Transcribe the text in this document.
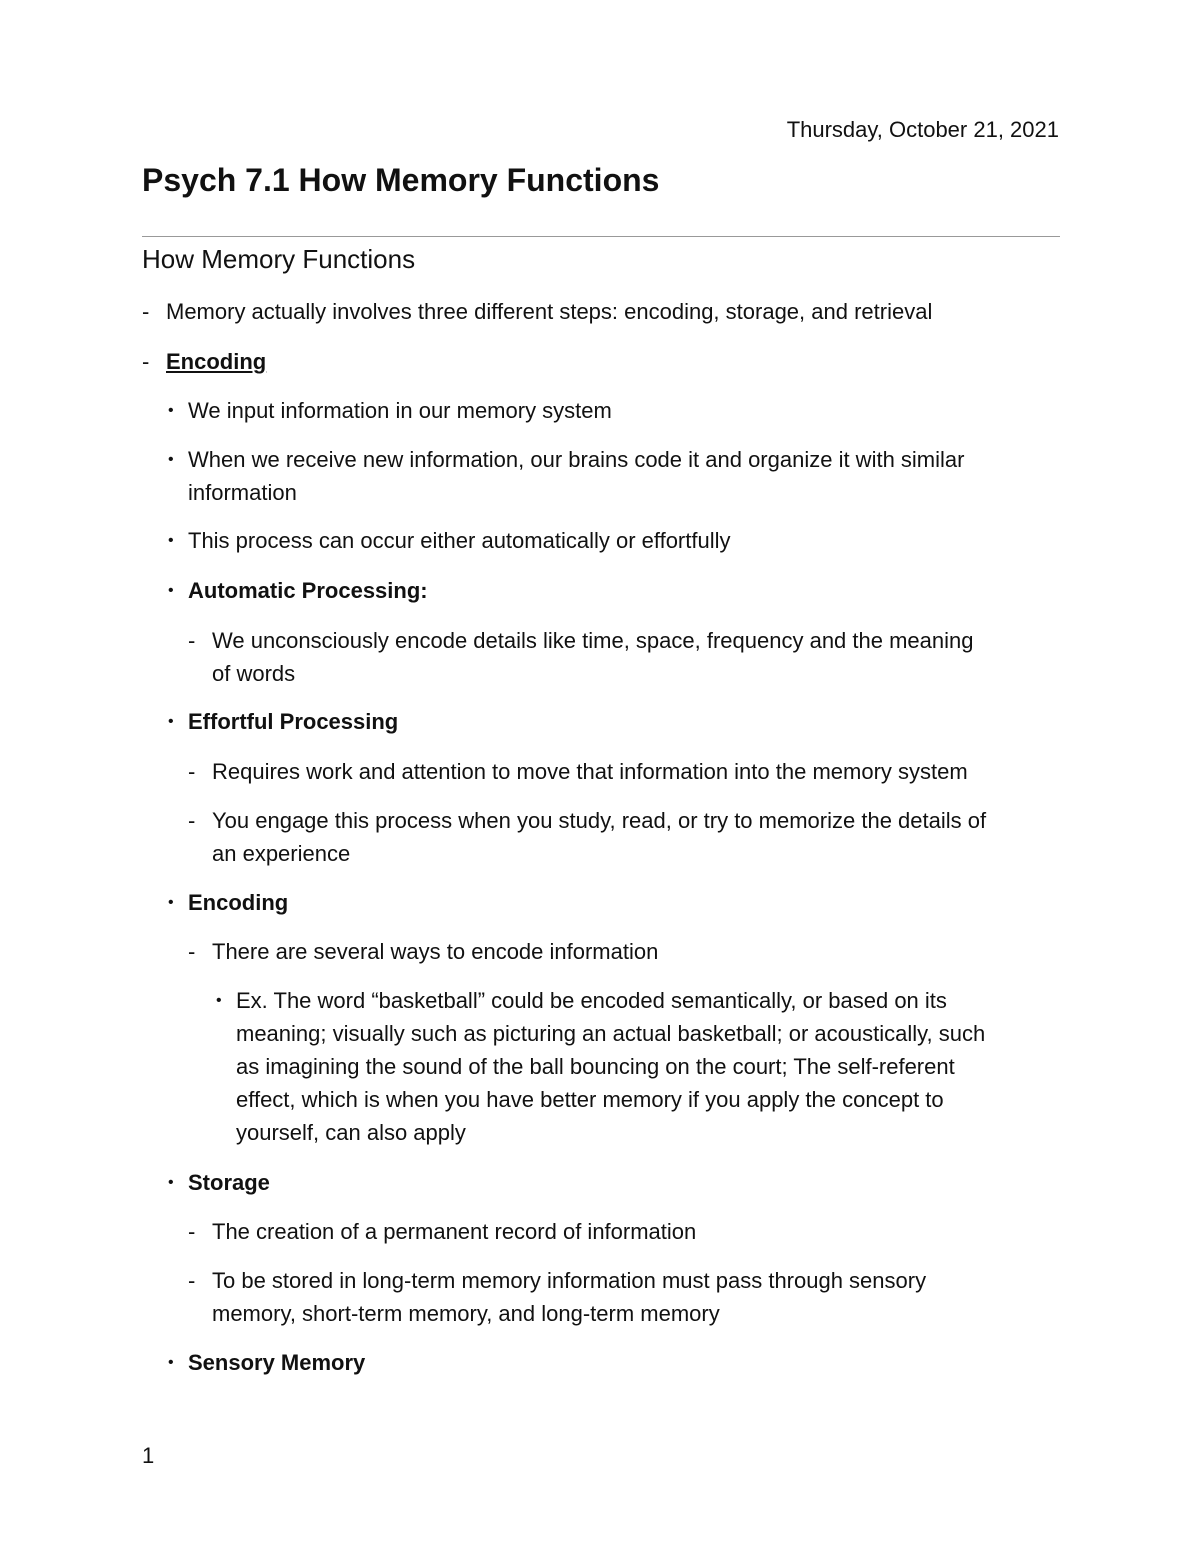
Thursday, October 21, 2021
Psych 7.1 How Memory Functions
How Memory Functions
- Memory actually involves three different steps: encoding, storage, and retrieval
- Encoding
• We input information in our memory system
• When we receive new information, our brains code it and organize it with similar
information
• This process can occur either automatically or effortfully
• Automatic Processing:
- We unconsciously encode details like time, space, frequency and the meaning
of words
• Effortful Processing
- Requires work and attention to move that information into the memory system
- You engage this process when you study, read, or try to memorize the details of
an experience
• Encoding
- There are several ways to encode information
• Ex. The word “basketball” could be encoded semantically, or based on its
meaning; visually such as picturing an actual basketball; or acoustically, such
as imagining the sound of the ball bouncing on the court; The self-referent
effect, which is when you have better memory if you apply the concept to
yourself, can also apply
• Storage
- The creation of a permanent record of information
- To be stored in long-term memory information must pass through sensory
memory, short-term memory, and long-term memory
• Sensory Memory
1
